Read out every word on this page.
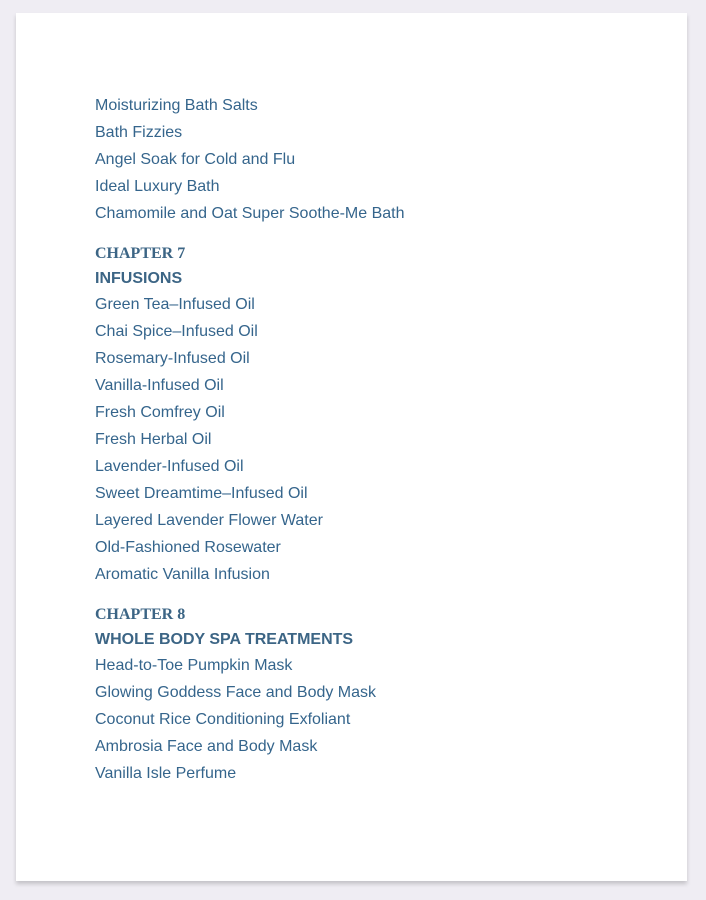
Moisturizing Bath Salts
Bath Fizzies
Angel Soak for Cold and Flu
Ideal Luxury Bath
Chamomile and Oat Super Soothe-Me Bath
CHAPTER 7
INFUSIONS
Green Tea–Infused Oil
Chai Spice–Infused Oil
Rosemary-Infused Oil
Vanilla-Infused Oil
Fresh Comfrey Oil
Fresh Herbal Oil
Lavender-Infused Oil
Sweet Dreamtime–Infused Oil
Layered Lavender Flower Water
Old-Fashioned Rosewater
Aromatic Vanilla Infusion
CHAPTER 8
WHOLE BODY SPA TREATMENTS
Head-to-Toe Pumpkin Mask
Glowing Goddess Face and Body Mask
Coconut Rice Conditioning Exfoliant
Ambrosia Face and Body Mask
Vanilla Isle Perfume
